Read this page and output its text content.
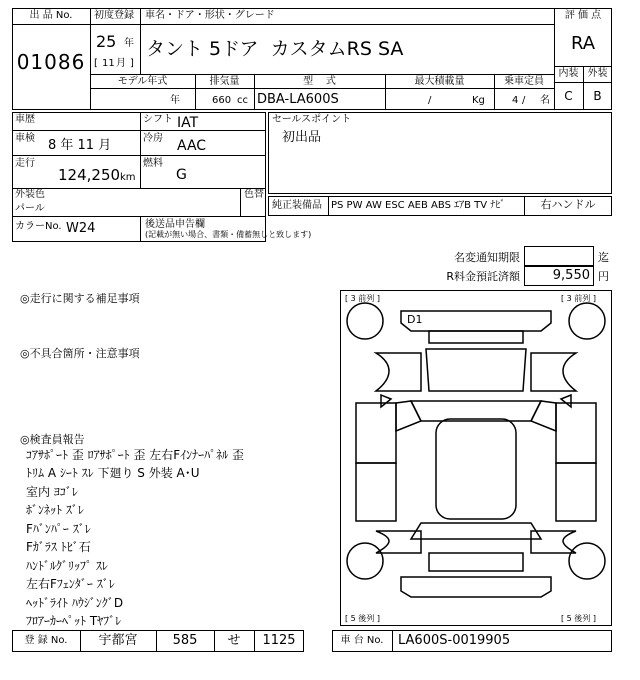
出 品 No.
01086
初度登録
25 年
[ 11 月 ]
車名・ドア・形状・グレード
タント 5ドア  カスタムRS SA
評 価 点
RA
内装 外装
C	B
モデル年式
年
排気量
660 cc
型    式
DBA-LA600S
最大積載量
/	Kg
乗車定員
4 / 名
車歴	シフト IAT
車検 8 年 11 月	冷房 AAC
走行
124,250 km
燃料
G
外装色
パール
色替
カラーNo. W24	後送品申告欄
(記載が無い場合、書類・備蓄無しと致します)
セールスポイント
初出品
純正装備品 PS PW AW ESC AEB ABS ｴｱB TV ﾅﾋﾞ	右ハンドル
名変通知期限	迄
R料金預託済額	9,550 円
◎走行に関する補足事項
◎不具合箇所・注意事項
◎検査員報告
ｺｱｻﾎﾟｰﾄ 歪 ﾛｱｻﾎﾟｰﾄ 歪 左右Fｲﾝﾅｰﾊﾟﾈﾙ 歪
ﾄﾘﾑ A ｼｰﾄ ｽﾚ 下廻り S 外装 A･U
室内 ﾖｺﾞﾚ
ﾎﾞﾝﾈｯﾄ ｽﾞﾚ
Fﾊﾞﾝﾊﾟｰ ｽﾞﾚ
Fｶﾞﾗｽ ﾄﾋﾞ石
ﾊﾝﾄﾞﾙｸﾞﾘｯﾌﾟ ｽﾚ
左右Fﾌｪﾝﾀﾞｰ ｽﾞﾚ
ﾍｯﾄﾞﾗｲﾄ ﾊｳｼﾞﾝｸﾞD
ﾌﾛｱｰｶｰﾍﾟｯﾄ Tﾔﾌﾞﾚ
[ 3 前列 ]	[ 3 前列 ]
[ 5 後列 ]	[ 5 後列 ]
D1
登 録 No.	宇都宮	585	せ	1125	車 台 No.	LA600S-0019905
